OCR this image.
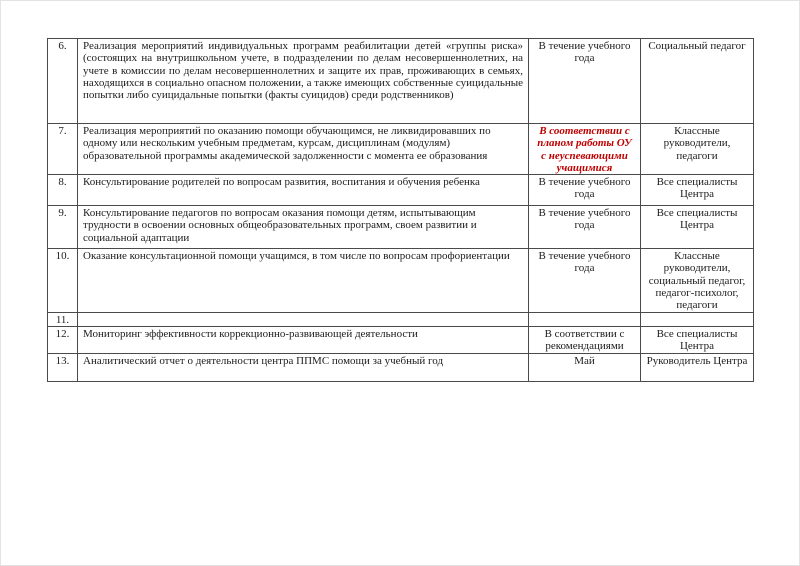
6.	Реализация мероприятий индивидуальных программ реабилитации детей «группы риска» (состоящих на внутришкольном учете, в подразделении по делам несовершеннолетних, на учете в комиссии по делам несовершеннолетних и защите их прав, проживающих в семьях, находящихся в социально опасном положении, а также имеющих собственные суицидальные попытки либо суицидальные попытки (факты суицидов) среди родственников)	В течение учебного года	Социальный педагог
7.	Реализация мероприятий по оказанию помощи обучающимся, не ликвидировавших по одному или нескольким учебным предметам, курсам, дисциплинам (модулям) образовательной программы академической задолженности с момента ее образования	В соответствии с планом работы ОУ с неуспевающими учащимися	Классные руководители, педагоги
8.	Консультирование родителей по вопросам развития, воспитания и обучения ребенка	В течение учебного года	Все специалисты Центра
9.	Консультирование педагогов по вопросам оказания помощи детям, испытывающим трудности в освоении основных общеобразовательных программ, своем развитии и социальной адаптации	В течение учебного года	Все специалисты Центра
10.	Оказание консультационной помощи учащимся, в том числе по вопросам профориентации	В течение учебного года	Классные руководители, социальный педагог, педагог-психолог, педагоги
11.			
12.	Мониторинг эффективности коррекционно-развивающей деятельности	В соответствии с рекомендациями	Все специалисты Центра
13.	Аналитический отчет о деятельности центра ППМС помощи за учебный год	Май	Руководитель Центра
